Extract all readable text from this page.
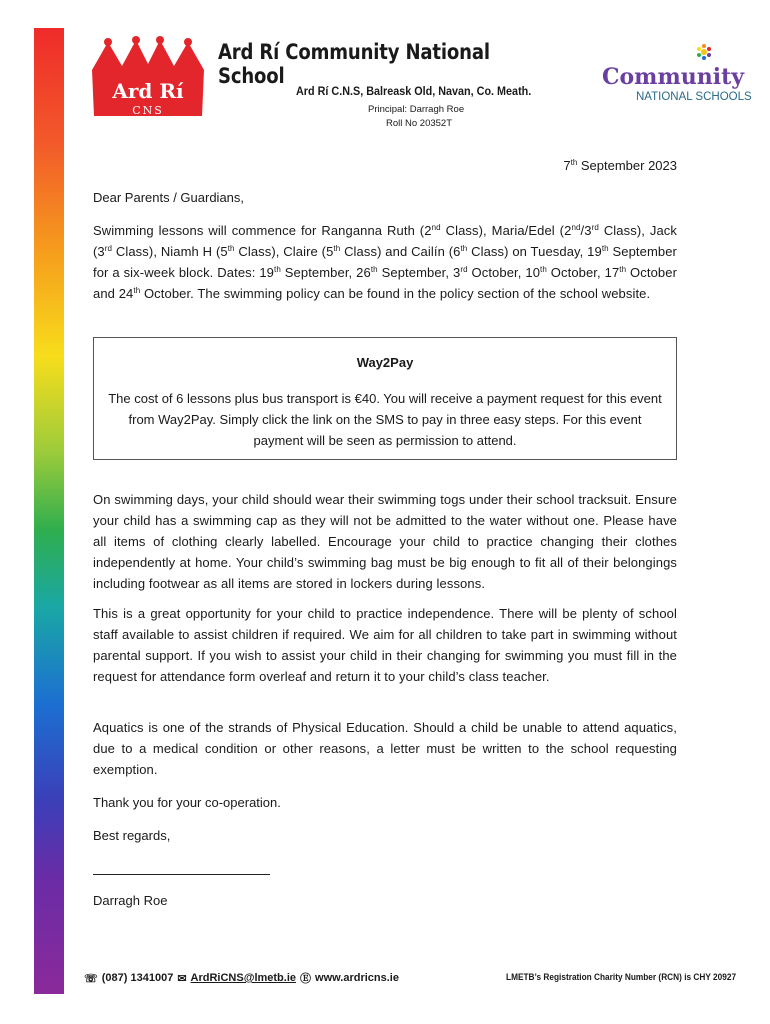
Ard Rí
CNS
Ard Rí Community National School
Ard Rí C.N.S, Balreask Old, Navan, Co. Meath.
Principal: Darragh Roe
Roll No 20352T
Community
NATIONAL SCHOOLS
7th September 2023

Dear Parents / Guardians,

Swimming lessons will commence for Ranganna Ruth (2nd Class), Maria/Edel (2nd/3rd Class), Jack (3rd Class), Niamh H (5th Class), Claire (5th Class) and Cailín (6th Class) on Tuesday, 19th September for a six-week block. Dates: 19th September, 26th September, 3rd October, 10th October, 17th October and 24th October. The swimming policy can be found in the policy section of the school website.

Way2Pay
The cost of 6 lessons plus bus transport is €40. You will receive a payment request for this event from Way2Pay. Simply click the link on the SMS to pay in three easy steps. For this event payment will be seen as permission to attend.

On swimming days, your child should wear their swimming togs under their school tracksuit. Ensure your child has a swimming cap as they will not be admitted to the water without one. Please have all items of clothing clearly labelled. Encourage your child to practice changing their clothes independently at home. Your child’s swimming bag must be big enough to fit all of their belongings including footwear as all items are stored in lockers during lessons.

This is a great opportunity for your child to practice independence. There will be plenty of school staff available to assist children if required. We aim for all children to take part in swimming without parental support. If you wish to assist your child in their changing for swimming you must fill in the request for attendance form overleaf and return it to your child’s class teacher.

Aquatics is one of the strands of Physical Education. Should a child be unable to attend aquatics, due to a medical condition or other reasons, a letter must be written to the school requesting exemption.

Thank you for your co-operation.

Best regards,

Darragh Roe

☏ (087) 1341007 ✉ ArdRiCNS@lmetb.ie Ⓔ www.ardricns.ie	LMETB’s Registration Charity Number (RCN) is CHY 20927
